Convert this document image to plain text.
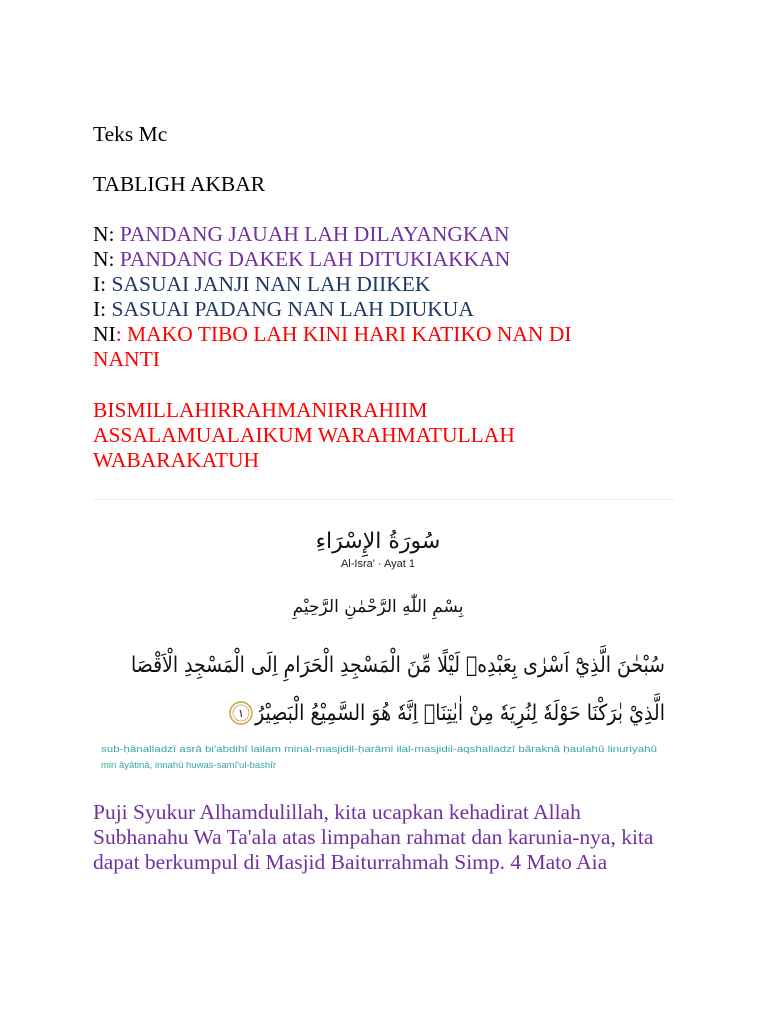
Teks Mc

TABLIGH AKBAR

N: PANDANG JAUAH LAH DILAYANGKAN

N: PANDANG DAKEK LAH DITUKIAKKAN

I: SASUAI JANJI NAN LAH DIIKEK

I: SASUAI PADANG NAN LAH DIUKUA

NI: MAKO TIBO LAH KINI HARI KATIKO NAN DI NANTI

BISMILLAHIRRAHMANIRRAHIIM
ASSALAMUALAIKUM WARAHMATULLAH
WABARAKATUH
سُورَةُ الإِسْرَاءِ
Al-Isra' · Ayat 1
بِسْمِ اللّٰهِ الرَّحْمٰنِ الرَّحِيْمِ
سُبْحٰنَ الَّذِيْٓ اَسْرٰى بِعَبْدِهٖ لَيْلًا مِّنَ الْمَسْجِدِ الْحَرَامِ اِلَى الْمَسْجِدِ الْاَقْصَا
الَّذِيْ بٰرَكْنَا حَوْلَهٗ لِنُرِيَهٗ مِنْ اٰيٰتِنَاۗ اِنَّهٗ هُوَ السَّمِيْعُ الْبَصِيْرُ
١
sub-ḥânalladzî asrâ bi'abdihî lailam minal-masjidil-ḥarâmi ilal-masjidil-aqshalladzî bâraknâ ḥaulahû linuriyahû
min âyâtinâ, innahû huwas-samî'ul-bashîr

Puji Syukur Alhamdulillah, kita ucapkan kehadirat Allah Subhanahu Wa Ta'ala atas limpahan rahmat dan karunia-nya, kita dapat berkumpul di Masjid Baiturrahmah Simp. 4 Mato Aia
